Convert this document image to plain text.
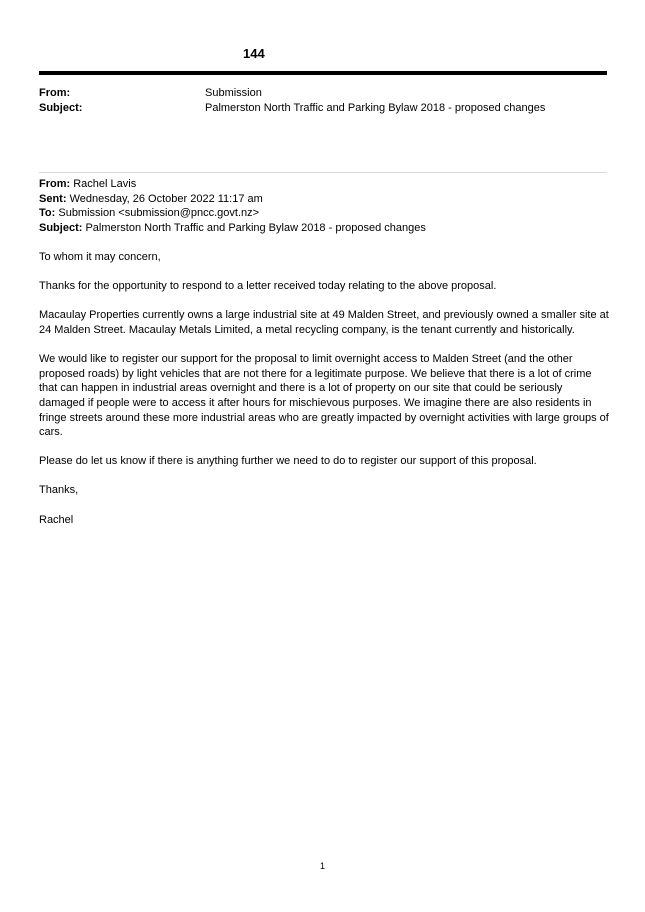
144
From:	Submission
Subject:	Palmerston North Traffic and Parking Bylaw 2018 - proposed changes
From: Rachel Lavis
Sent: Wednesday, 26 October 2022 11:17 am
To: Submission <submission@pncc.govt.nz>
Subject: Palmerston North Traffic and Parking Bylaw 2018 - proposed changes

To whom it may concern,

Thanks for the opportunity to respond to a letter received today relating to the above proposal.

Macaulay Properties currently owns a large industrial site at 49 Malden Street, and previously owned a smaller site at 24 Malden Street. Macaulay Metals Limited, a metal recycling company, is the tenant currently and historically.

We would like to register our support for the proposal to limit overnight access to Malden Street (and the other proposed roads) by light vehicles that are not there for a legitimate purpose. We believe that there is a lot of crime that can happen in industrial areas overnight and there is a lot of property on our site that could be seriously damaged if people were to access it after hours for mischievous purposes. We imagine there are also residents in fringe streets around these more industrial areas who are greatly impacted by overnight activities with large groups of cars.

Please do let us know if there is anything further we need to do to register our support of this proposal.

Thanks,

Rachel

1
